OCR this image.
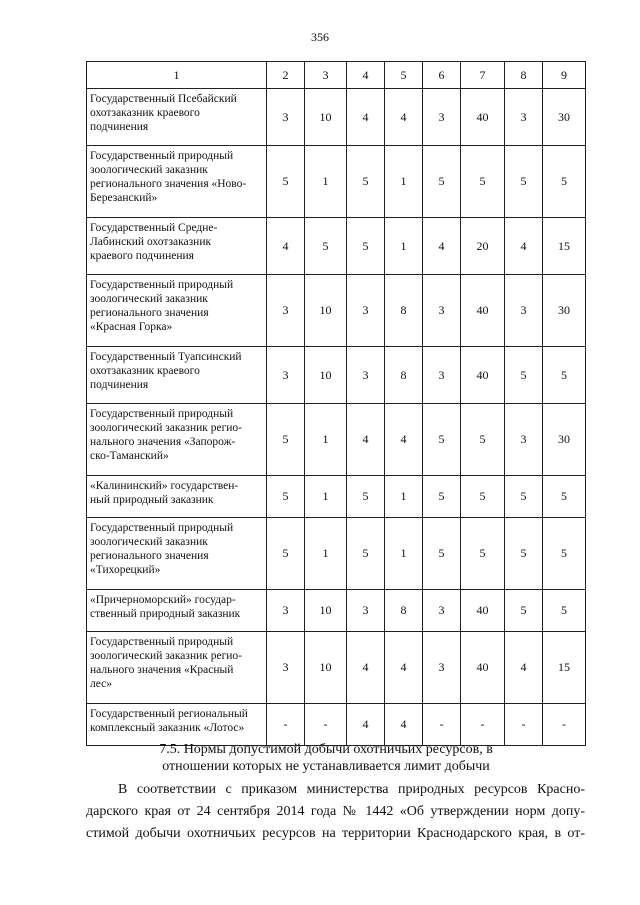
356
1	2	3	4	5	6	7	8	9

Государственный Псебайский
охотзаказник краевого
подчинения	3	10	4	4	3	40	3	30

Государственный природный
зоологический заказник
регионального значения «Ново-
Березанский»	5	1	5	1	5	5	5	5

Государственный Средне-
Лабинский охотзаказник
краевого подчинения	4	5	5	1	4	20	4	15

Государственный природный
зоологический заказник
регионального значения
«Красная Горка»	3	10	3	8	3	40	3	30

Государственный Туапсинский
охотзаказник краевого
подчинения	3	10	3	8	3	40	5	5

Государственный природный
зоологический заказник регио-
нального значения «Запорож-
ско-Таманский»	5	1	4	4	5	5	3	30

«Калининский» государствен-
ный природный заказник	5	1	5	1	5	5	5	5

Государственный природный
зоологический заказник
регионального значения
«Тихорецкий»	5	1	5	1	5	5	5	5

«Причерноморский» государ-
ственный природный заказник	3	10	3	8	3	40	5	5

Государственный природный
зоологический заказник регио-
нального значения «Красный
лес»	3	10	4	4	3	40	4	15

Государственный региональный
комплексный заказник «Лотос»	-	-	4	4	-	-	-	-
7.5. Нормы допустимой добычи охотничьих ресурсов, в
отношении которых не устанавливается лимит добычи
В соответствии с приказом министерства природных ресурсов Красно-
дарского края от 24 сентября 2014 года № 1442 «Об утверждении норм допу-
стимой добычи охотничьих ресурсов на территории Краснодарского края, в от-
